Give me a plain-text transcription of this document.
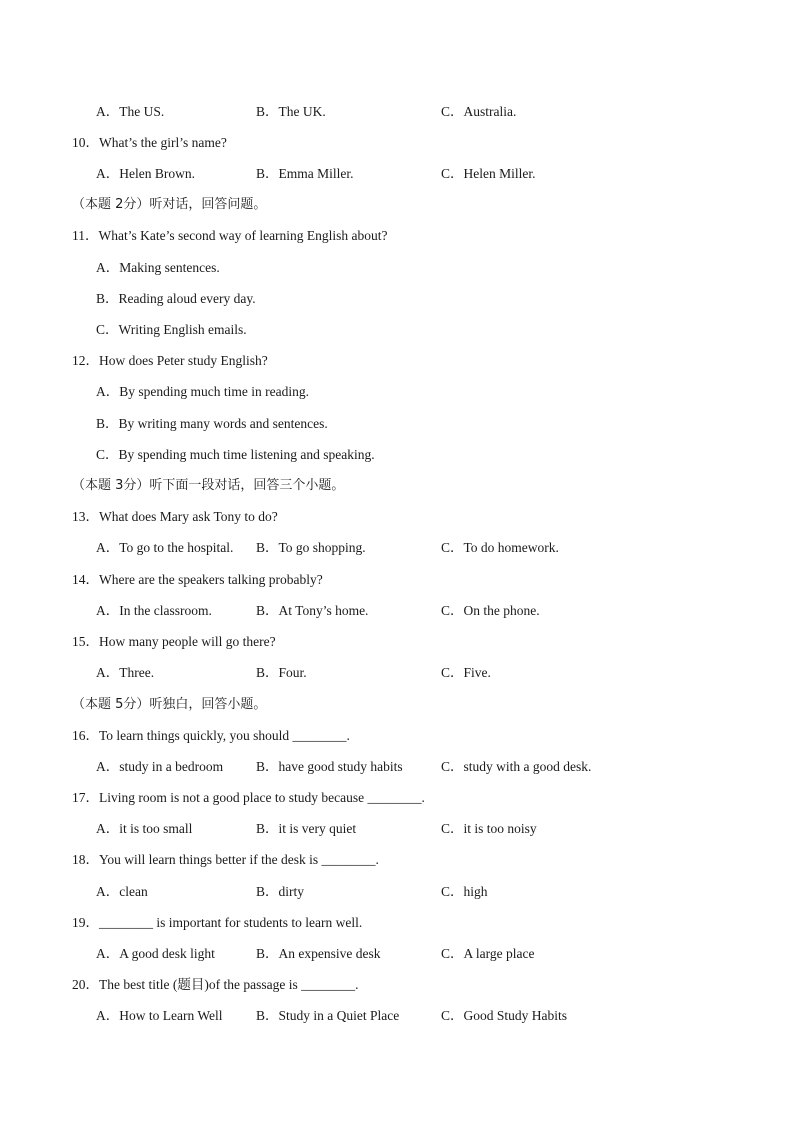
A．The US.	B．The UK.	C．Australia.
10．What’s the girl’s name?
A．Helen Brown.	B．Emma Miller.	C．Helen Miller.
（本题 2分）听对话，回答问题。
11．What’s Kate’s second way of learning English about?
A．Making sentences.
B．Reading aloud every day.
C．Writing English emails.
12．How does Peter study English?
A．By spending much time in reading.
B．By writing many words and sentences.
C．By spending much time listening and speaking.
（本题 3分）听下面一段对话，回答三个小题。
13．What does Mary ask Tony to do?
A．To go to the hospital. B．To go shopping.	C．To do homework.
14．Where are the speakers talking probably?
A．In the classroom.	B．At Tony’s home.	C．On the phone.
15．How many people will go there?
A．Three.	B．Four.	C．Five.
（本题 5分）听独白，回答小题。
16．To learn things quickly, you should ________.
A．study in a bedroom B．have good study habits	C．study with a good desk.
17．Living room is not a good place to study because ________.
A．it is too small	B．it is very quiet	C．it is too noisy
18．You will learn things better if the desk is ________.
A．clean	B．dirty	C．high
19．________ is important for students to learn well.
A．A good desk light	B．An expensive desk	C．A large place
20．The best title (题目)of the passage is ________.
A．How to Learn Well B．Study in a Quiet Place	C．Good Study Habits
